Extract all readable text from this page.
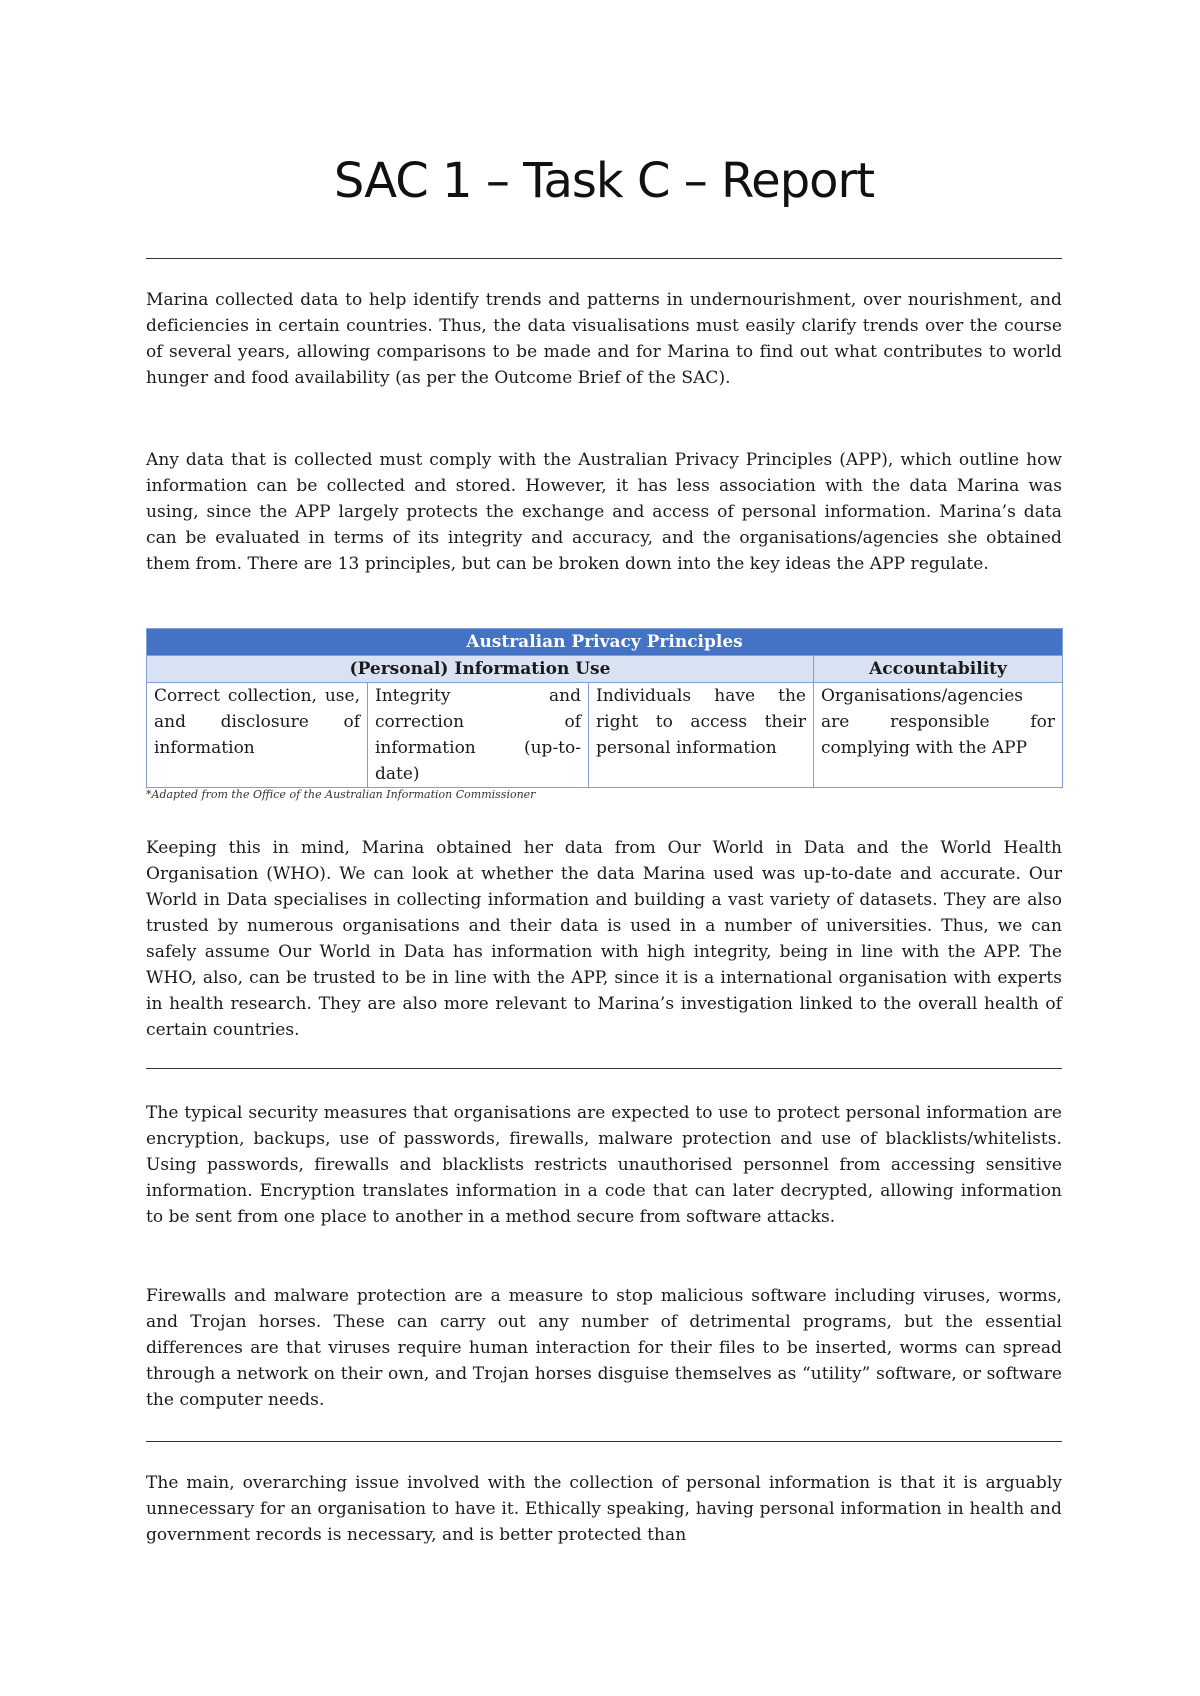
SAC 1 – Task C – Report

Marina collected data to help identify trends and patterns in undernourishment, over nourishment, and deficiencies in certain countries. Thus, the data visualisations must easily clarify trends over the course of several years, allowing comparisons to be made and for Marina to find out what contributes to world hunger and food availability (as per the Outcome Brief of the SAC).

Any data that is collected must comply with the Australian Privacy Principles (APP), which outline how information can be collected and stored. However, it has less association with the data Marina was using, since the APP largely protects the exchange and access of personal information. Marina’s data can be evaluated in terms of its integrity and accuracy, and the organisations/agencies she obtained them from. There are 13 principles, but can be broken down into the key ideas the APP regulate.

Australian Privacy Principles			
(Personal) Information Use			Accountability
Correct collection, use, and disclosure of information	Integrity and correction of information (up-to-date)	Individuals have the right to access their personal information	Organisations/agencies are responsible for complying with the APP
*Adapted from the Office of the Australian Information Commissioner

Keeping this in mind, Marina obtained her data from Our World in Data and the World Health Organisation (WHO). We can look at whether the data Marina used was up-to-date and accurate. Our World in Data specialises in collecting information and building a vast variety of datasets. They are also trusted by numerous organisations and their data is used in a number of universities. Thus, we can safely assume Our World in Data has information with high integrity, being in line with the APP. The WHO, also, can be trusted to be in line with the APP, since it is a international organisation with experts in health research. They are also more relevant to Marina’s investigation linked to the overall health of certain countries.

The typical security measures that organisations are expected to use to protect personal information are encryption, backups, use of passwords, firewalls, malware protection and use of blacklists/whitelists. Using passwords, firewalls and blacklists restricts unauthorised personnel from accessing sensitive information. Encryption translates information in a code that can later decrypted, allowing information to be sent from one place to another in a method secure from software attacks.

Firewalls and malware protection are a measure to stop malicious software including viruses, worms, and Trojan horses. These can carry out any number of detrimental programs, but the essential differences are that viruses require human interaction for their files to be inserted, worms can spread through a network on their own, and Trojan horses disguise themselves as “utility” software, or software the computer needs.

The main, overarching issue involved with the collection of personal information is that it is arguably unnecessary for an organisation to have it. Ethically speaking, having personal information in health and government records is necessary, and is better protected than
